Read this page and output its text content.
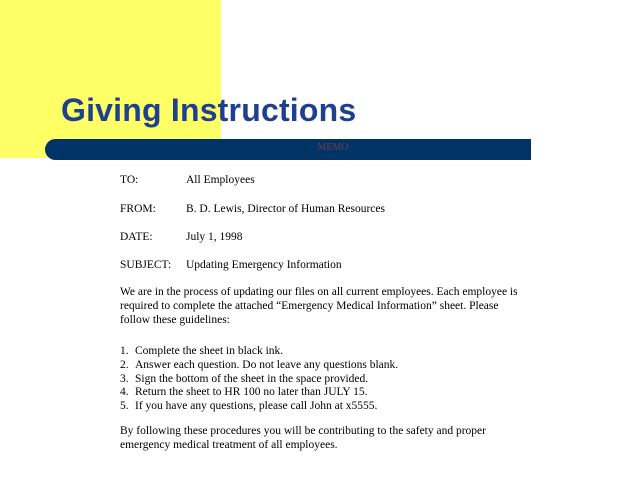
Giving Instructions
MEMO
TO:	All Employees
FROM:	B. D. Lewis, Director of Human Resources
DATE:	July 1, 1998
SUBJECT: Updating Emergency Information
We are in the process of updating our files on all current employees. Each employee is required to complete the attached “Emergency Medical Information” sheet. Please follow these guidelines:
1. Complete the sheet in black ink.
2. Answer each question. Do not leave any questions blank.
3. Sign the bottom of the sheet in the space provided.
4. Return the sheet to HR 100 no later than JULY 15.
5. If you have any questions, please call John at x5555.
By following these procedures you will be contributing to the safety and proper emergency medical treatment of all employees.
